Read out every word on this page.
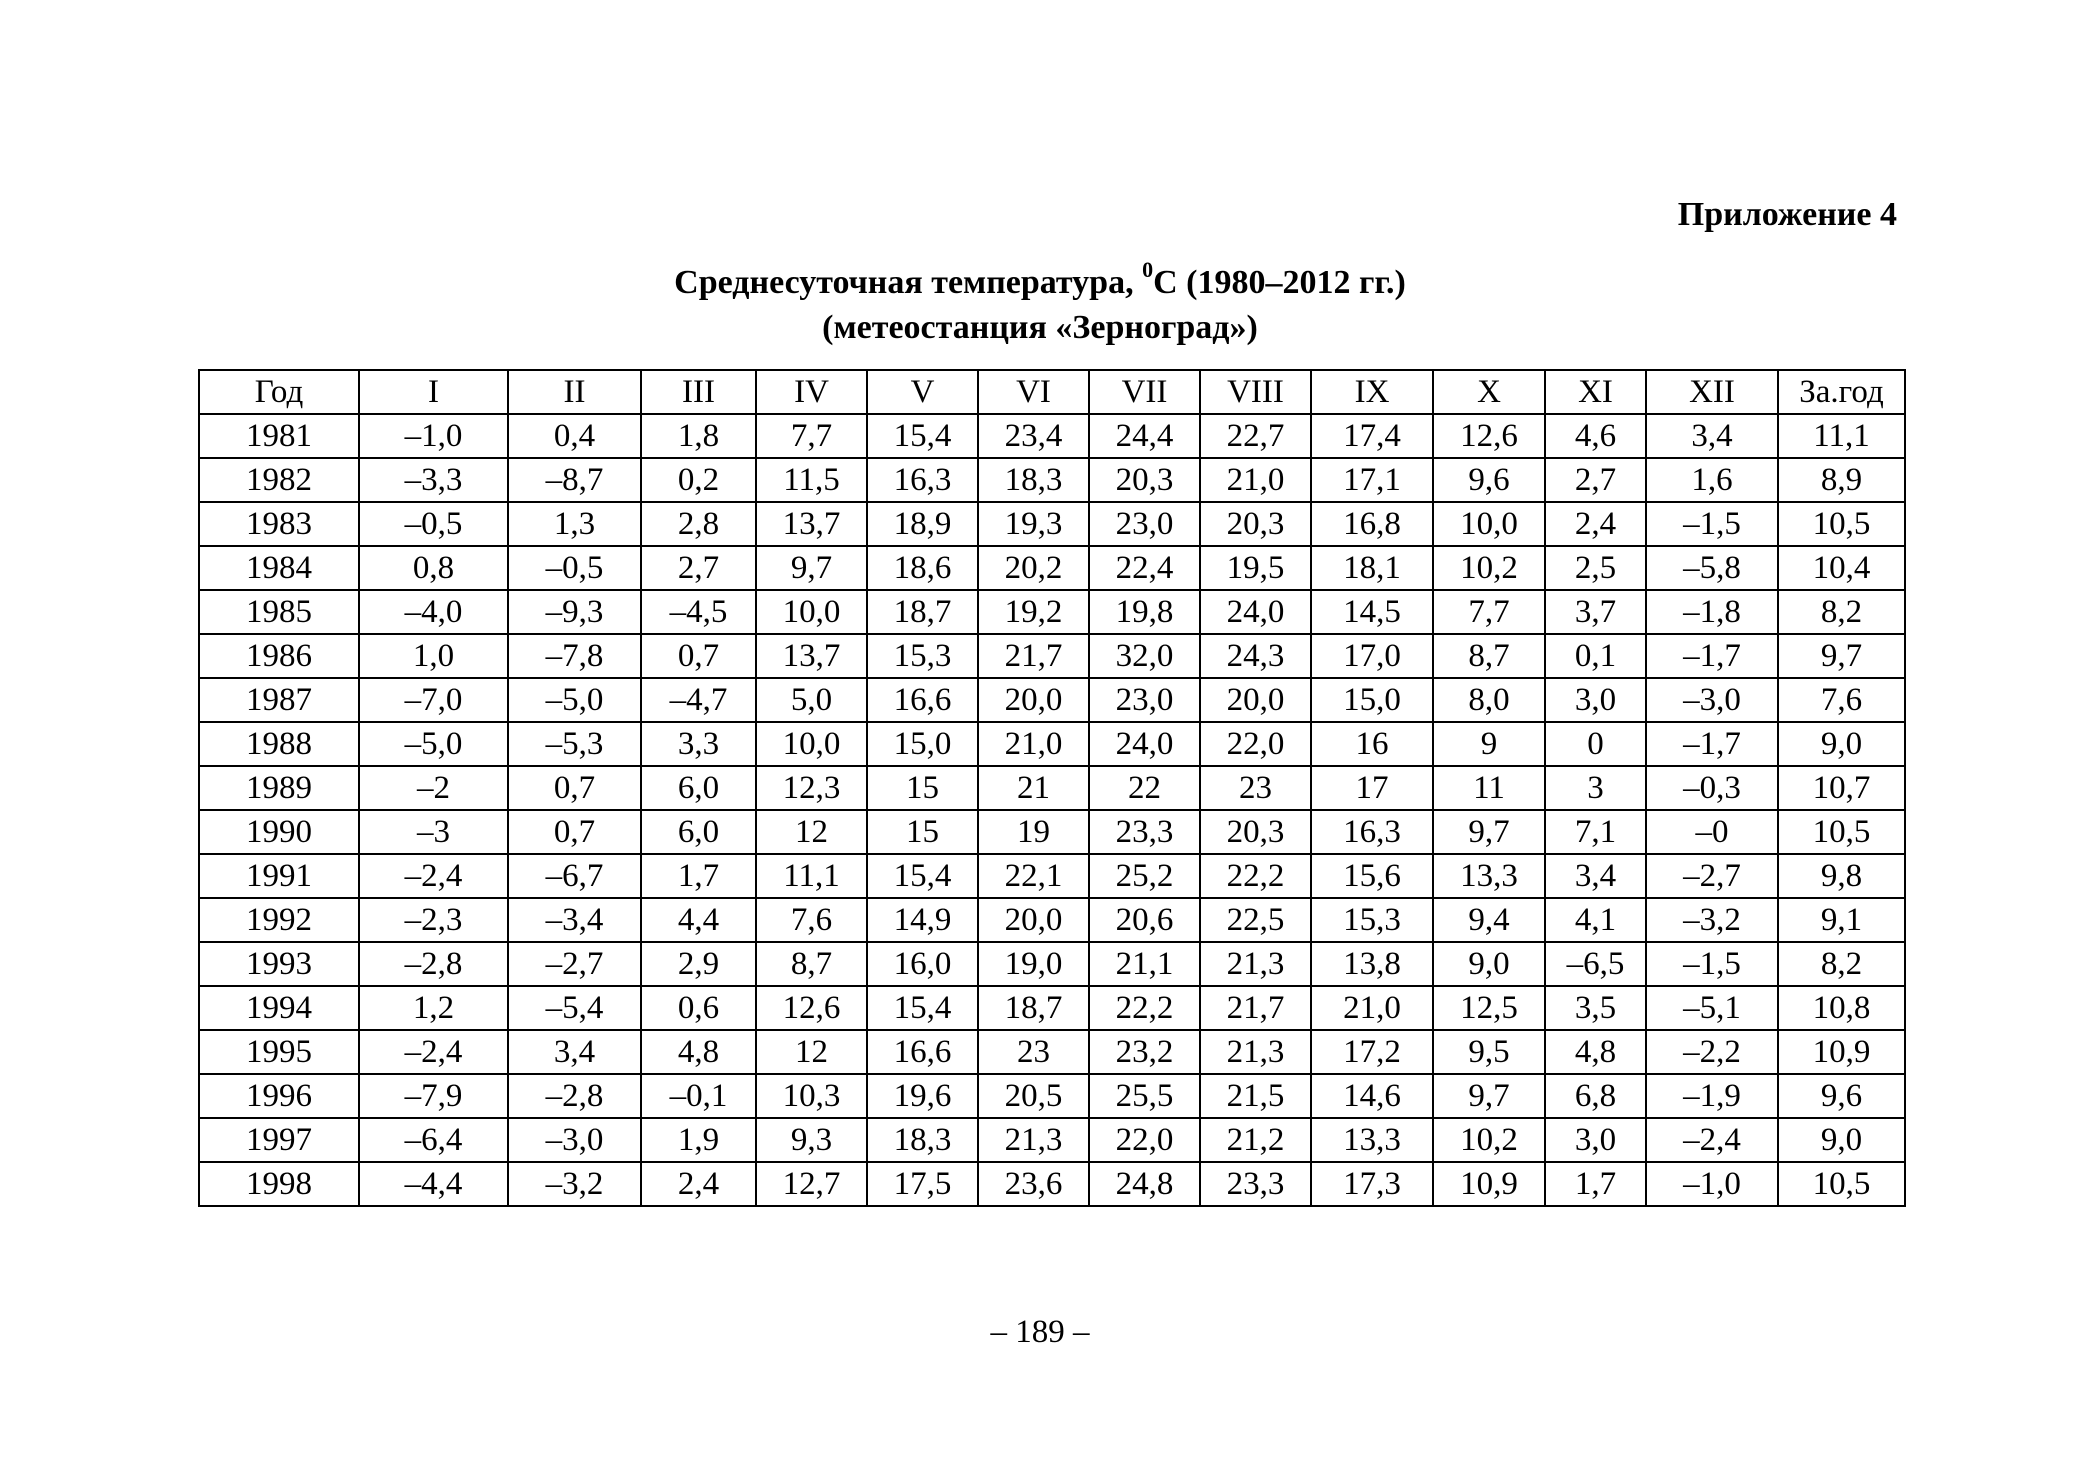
Приложение 4

Среднесуточная температура, $^0$С (1980–2012 гг.)
(метеостанция «Зерноград»)
Год	I	II	III	IV	V	VI	VII	VIII	IX	X	XI	XII	За.год
1981	–1,0	0,4	1,8	7,7	15,4	23,4	24,4	22,7	17,4	12,6	4,6	3,4	11,1
1982	–3,3	–8,7	0,2	11,5	16,3	18,3	20,3	21,0	17,1	9,6	2,7	1,6	8,9
1983	–0,5	1,3	2,8	13,7	18,9	19,3	23,0	20,3	16,8	10,0	2,4	–1,5	10,5
1984	0,8	–0,5	2,7	9,7	18,6	20,2	22,4	19,5	18,1	10,2	2,5	–5,8	10,4
1985	–4,0	–9,3	–4,5	10,0	18,7	19,2	19,8	24,0	14,5	7,7	3,7	–1,8	8,2
1986	1,0	–7,8	0,7	13,7	15,3	21,7	32,0	24,3	17,0	8,7	0,1	–1,7	9,7
1987	–7,0	–5,0	–4,7	5,0	16,6	20,0	23,0	20,0	15,0	8,0	3,0	–3,0	7,6
1988	–5,0	–5,3	3,3	10,0	15,0	21,0	24,0	22,0	16	9	0	–1,7	9,0
1989	–2	0,7	6,0	12,3	15	21	22	23	17	11	3	–0,3	10,7
1990	–3	0,7	6,0	12	15	19	23,3	20,3	16,3	9,7	7,1	–0	10,5
1991	–2,4	–6,7	1,7	11,1	15,4	22,1	25,2	22,2	15,6	13,3	3,4	–2,7	9,8
1992	–2,3	–3,4	4,4	7,6	14,9	20,0	20,6	22,5	15,3	9,4	4,1	–3,2	9,1
1993	–2,8	–2,7	2,9	8,7	16,0	19,0	21,1	21,3	13,8	9,0	–6,5	–1,5	8,2
1994	1,2	–5,4	0,6	12,6	15,4	18,7	22,2	21,7	21,0	12,5	3,5	–5,1	10,8
1995	–2,4	3,4	4,8	12	16,6	23	23,2	21,3	17,2	9,5	4,8	–2,2	10,9
1996	–7,9	–2,8	–0,1	10,3	19,6	20,5	25,5	21,5	14,6	9,7	6,8	–1,9	9,6
1997	–6,4	–3,0	1,9	9,3	18,3	21,3	22,0	21,2	13,3	10,2	3,0	–2,4	9,0
1998	–4,4	–3,2	2,4	12,7	17,5	23,6	24,8	23,3	17,3	10,9	1,7	–1,0	10,5

– 189 –
